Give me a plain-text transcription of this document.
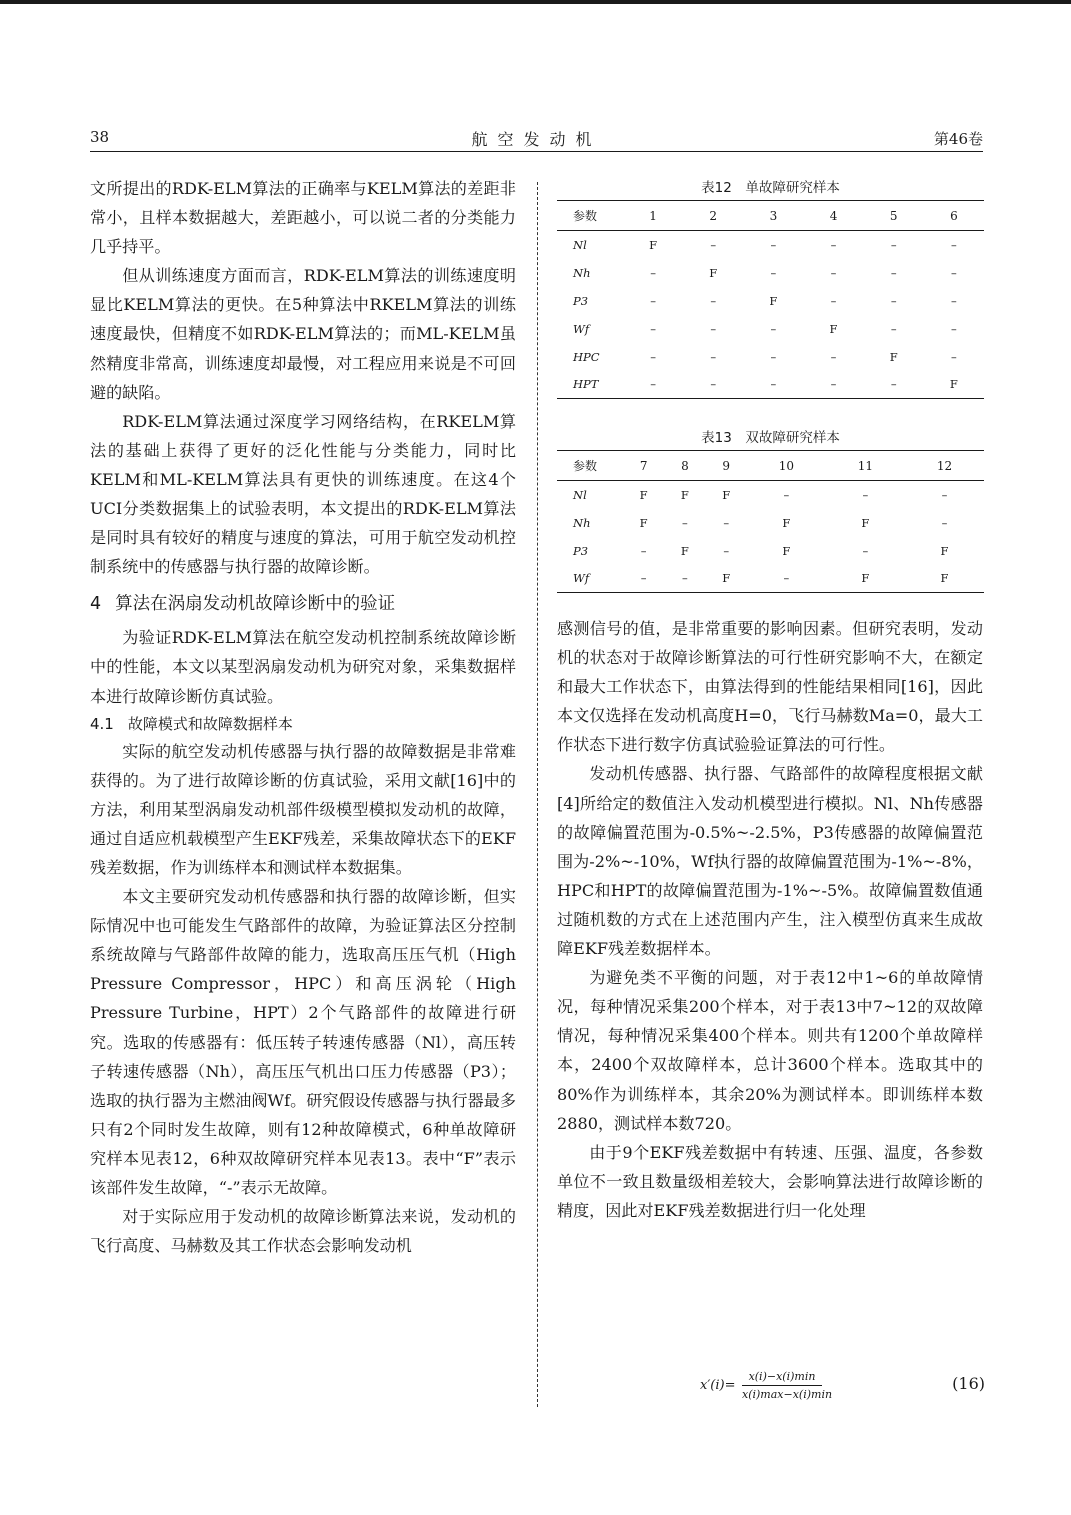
38	航空发动机	第46卷

文所提出的RDK-ELM算法的正确率与KELM算法的差距非常小，且样本数据越大，差距越小，可以说二者的分类能力几乎持平。

但从训练速度方面而言，RDK-ELM算法的训练速度明显比KELM算法的更快。在5种算法中RKELM算法的训练速度最快，但精度不如RDK-ELM算法的；而ML-KELM虽然精度非常高，训练速度却最慢，对工程应用来说是不可回避的缺陷。

RDK-ELM算法通过深度学习网络结构，在RKELM算法的基础上获得了更好的泛化性能与分类能力，同时比KELM和ML-KELM算法具有更快的训练速度。在这4个UCI分类数据集上的试验表明，本文提出的RDK-ELM算法是同时具有较好的精度与速度的算法，可用于航空发动机控制系统中的传感器与执行器的故障诊断。

4 算法在涡扇发动机故障诊断中的验证

为验证RDK-ELM算法在航空发动机控制系统故障诊断中的性能，本文以某型涡扇发动机为研究对象，采集数据样本进行故障诊断仿真试验。

4.1 故障模式和故障数据样本

实际的航空发动机传感器与执行器的故障数据是非常难获得的。为了进行故障诊断的仿真试验，采用文献[16]中的方法，利用某型涡扇发动机部件级模型模拟发动机的故障，通过自适应机载模型产生EKF残差，采集故障状态下的EKF残差数据，作为训练样本和测试样本数据集。

本文主要研究发动机传感器和执行器的故障诊断，但实际情况中也可能发生气路部件的故障，为验证算法区分控制系统故障与气路部件故障的能力，选取高压压气机（High Pressure Compressor，HPC）和高压涡轮（High Pressure Turbine，HPT）2个气路部件的故障进行研究。选取的传感器有：低压转子转速传感器（Nl），高压转子转速传感器（Nh），高压压气机出口压力传感器（P3）；选取的执行器为主燃油阀Wf。研究假设传感器与执行器最多只有2个同时发生故障，则有12种故障模式，6种单故障研究样本见表12，6种双故障研究样本见表13。表中“F”表示该部件发生故障，“-”表示无故障。

对于实际应用于发动机的故障诊断算法来说，发动机的飞行高度、马赫数及其工作状态会影响发动机

表12　单故障研究样本
参数	1	2	3	4	5	6
Nl	F	–	–	–	–	–
Nh	–	F	–	–	–	–
P3	–	–	F	–	–	–
Wf	–	–	–	F	–	–
HPC	–	–	–	–	F	–
HPT	–	–	–	–	–	F
表13　双故障研究样本
参数	7	8	9	10	11	12
Nl	F	F	F	–	–	–
Nh	F	–	–	F	F	–
P3	–	F	–	F	–	F
Wf	–	–	F	–	F	F

感测信号的值，是非常重要的影响因素。但研究表明，发动机的状态对于故障诊断算法的可行性研究影响不大，在额定和最大工作状态下，由算法得到的性能结果相同[16]，因此本文仅选择在发动机高度H=0，飞行马赫数Ma=0，最大工作状态下进行数字仿真试验验证算法的可行性。

发动机传感器、执行器、气路部件的故障程度根据文献[4]所给定的数值注入发动机模型进行模拟。Nl、Nh传感器的故障偏置范围为-0.5%~-2.5%，P3传感器的故障偏置范围为-2%~-10%，Wf执行器的故障偏置范围为-1%~-8%，HPC和HPT的故障偏置范围为-1%~-5%。故障偏置数值通过随机数的方式在上述范围内产生，注入模型仿真来生成故障EKF残差数据样本。

为避免类不平衡的问题，对于表12中1~6的单故障情况，每种情况采集200个样本，对于表13中7~12的双故障情况，每种情况采集400个样本。则共有1200个单故障样本，2400个双故障样本，总计3600个样本。选取其中的80%作为训练样本，其余20%为测试样本。即训练样本数2880，测试样本数720。

由于9个EKF残差数据中有转速、压强、温度，各参数单位不一致且数量级相差较大，会影响算法进行故障诊断的精度，因此对EKF残差数据进行归一化处理

x′(i)=
x(i)−x(i)min
x(i)max−x(i)min
(16)
